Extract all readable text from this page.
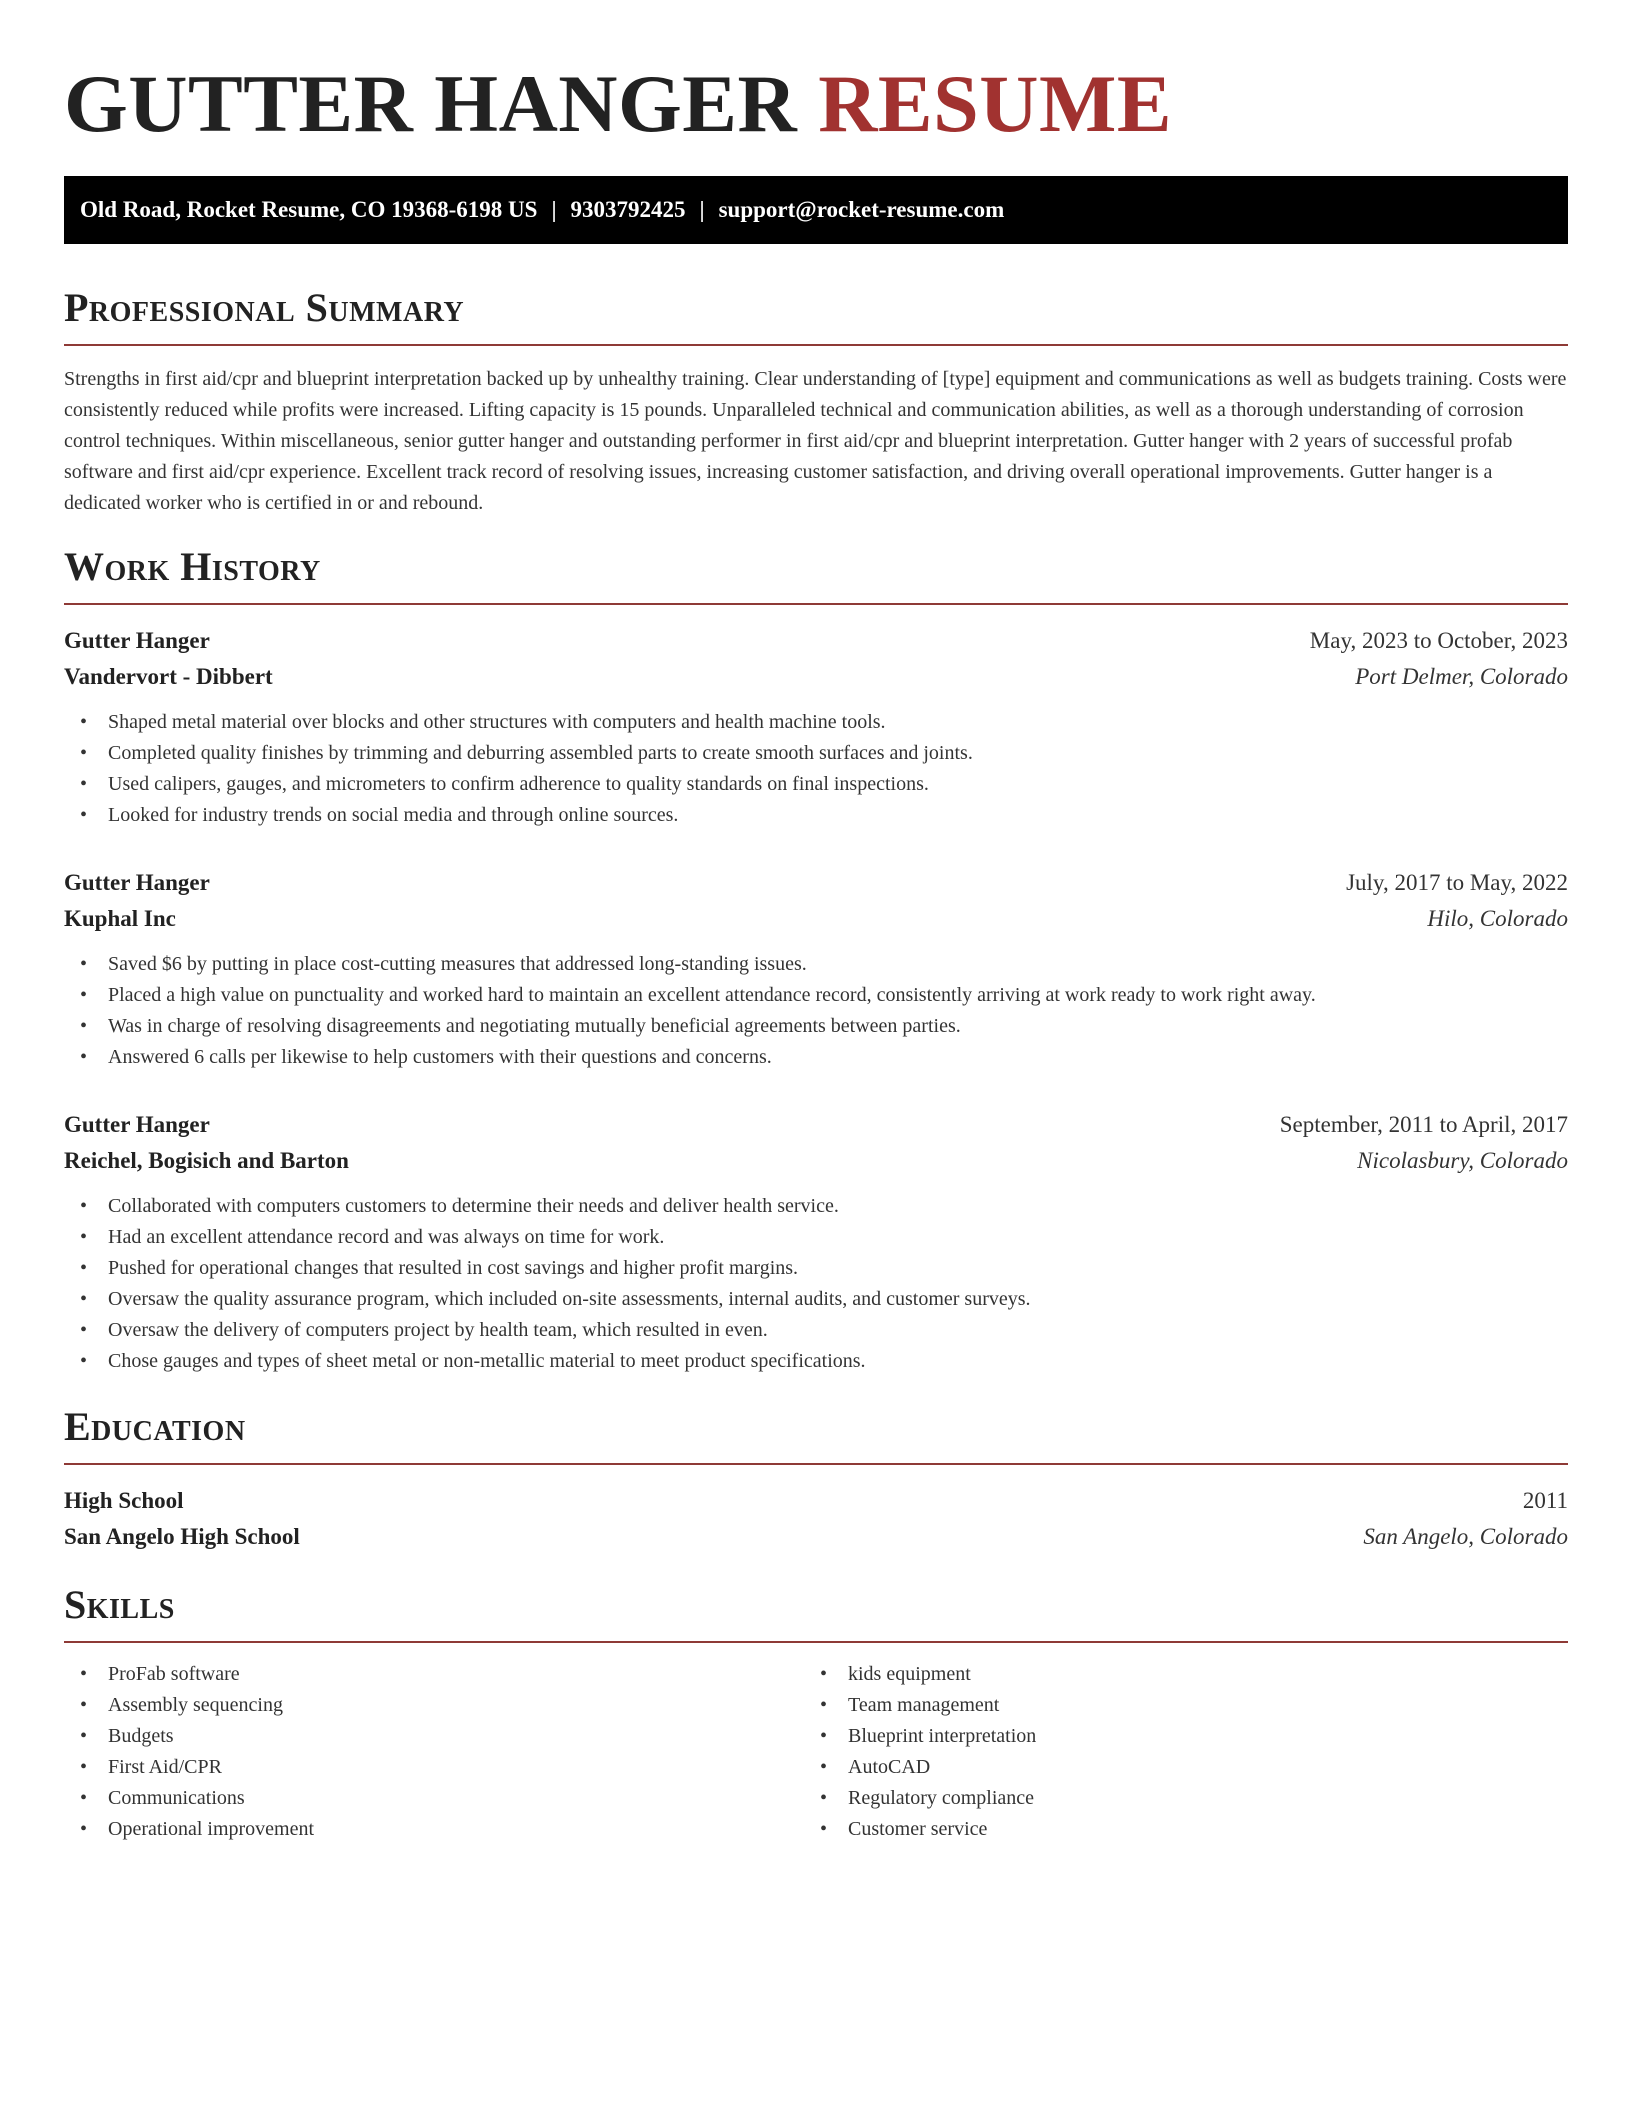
GUTTER HANGER RESUME
Old Road, Rocket Resume, CO 19368-6198 US | 9303792425 | support@rocket-resume.com
Professional Summary

Strengths in first aid/cpr and blueprint interpretation backed up by unhealthy training. Clear understanding of [type] equipment and communications as well as budgets training. Costs were consistently reduced while profits were increased. Lifting capacity is 15 pounds. Unparalleled technical and communication abilities, as well as a thorough understanding of corrosion control techniques. Within miscellaneous, senior gutter hanger and outstanding performer in first aid/cpr and blueprint interpretation. Gutter hanger with 2 years of successful profab software and first aid/cpr experience. Excellent track record of resolving issues, increasing customer satisfaction, and driving overall operational improvements. Gutter hanger is a dedicated worker who is certified in or and rebound.

Work History
Gutter Hanger	May, 2023 to October, 2023
Vandervort - Dibbert	Port Delmer, Colorado
• Shaped metal material over blocks and other structures with computers and health machine tools.
• Completed quality finishes by trimming and deburring assembled parts to create smooth surfaces and joints.
• Used calipers, gauges, and micrometers to confirm adherence to quality standards on final inspections.
• Looked for industry trends on social media and through online sources.
Gutter Hanger	July, 2017 to May, 2022
Kuphal Inc	Hilo, Colorado
• Saved $6 by putting in place cost-cutting measures that addressed long-standing issues.
• Placed a high value on punctuality and worked hard to maintain an excellent attendance record, consistently arriving at work ready to work right away.
• Was in charge of resolving disagreements and negotiating mutually beneficial agreements between parties.
• Answered 6 calls per likewise to help customers with their questions and concerns.
Gutter Hanger	September, 2011 to April, 2017
Reichel, Bogisich and Barton	Nicolasbury, Colorado
• Collaborated with computers customers to determine their needs and deliver health service.
• Had an excellent attendance record and was always on time for work.
• Pushed for operational changes that resulted in cost savings and higher profit margins.
• Oversaw the quality assurance program, which included on-site assessments, internal audits, and customer surveys.
• Oversaw the delivery of computers project by health team, which resulted in even.
• Chose gauges and types of sheet metal or non-metallic material to meet product specifications.
Education
High School	2011
San Angelo High School	San Angelo, Colorado
Skills
• ProFab software
• Assembly sequencing
• Budgets
• First Aid/CPR
• Communications
• Operational improvement
• kids equipment
• Team management
• Blueprint interpretation
• AutoCAD
• Regulatory compliance
• Customer service
